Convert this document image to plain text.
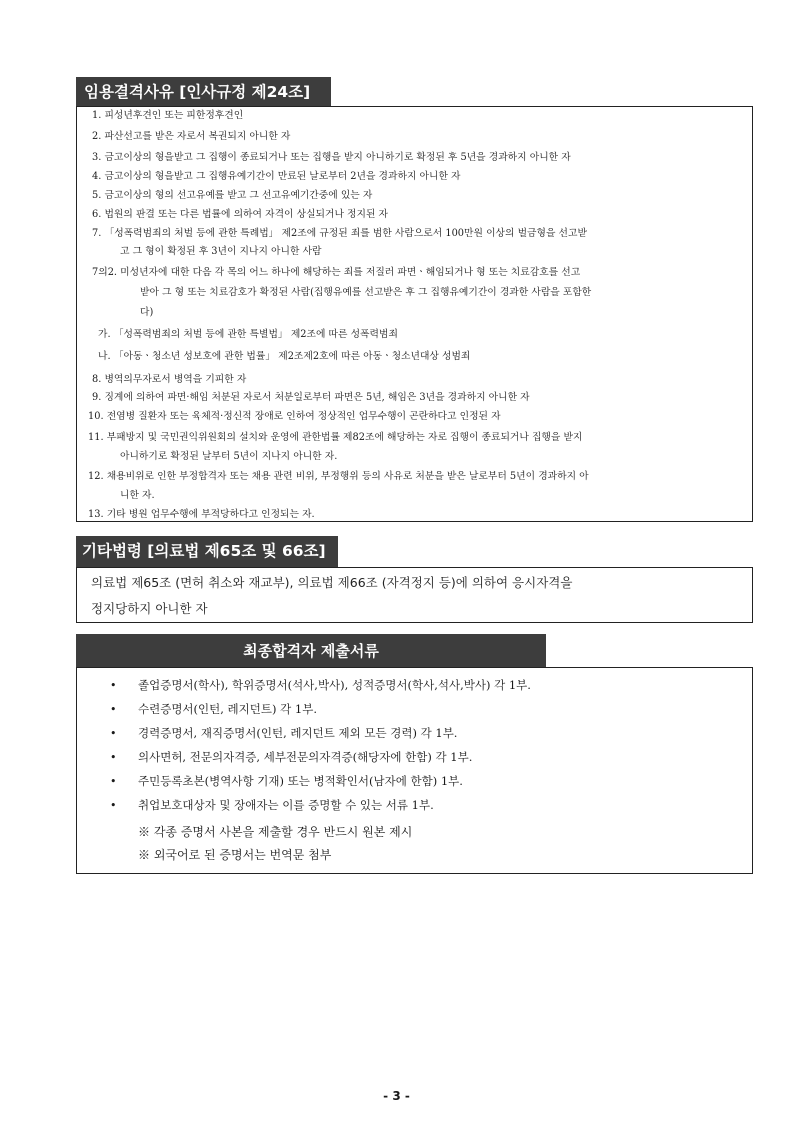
임용결격사유 [인사규정 제24조]
1. 피성년후견인 또는 피한정후견인
2. 파산선고를 받은 자로서 복권되지 아니한 자
3. 금고이상의 형을받고 그 집행이 종료되거나 또는 집행을 받지 아니하기로 확정된 후 5년을 경과하지 아니한 자
4. 금고이상의 형을받고 그 집행유예기간이 만료된 날로부터 2년을 경과하지 아니한 자
5. 금고이상의 형의 선고유예를 받고 그 선고유예기간중에 있는 자
6. 법원의 판결 또는 다른 법률에 의하여 자격이 상실되거나 정지된 자
7. 「성폭력범죄의 처벌 등에 관한 특례법」 제2조에 규정된 죄를 범한 사람으로서 100만원 이상의 벌금형을 선고받
고 그 형이 확정된 후 3년이 지나지 아니한 사람
7의2. 미성년자에 대한 다음 각 목의 어느 하나에 해당하는 죄를 저질러 파면ㆍ해임되거나 형 또는 치료감호를 선고
받아 그 형 또는 치료감호가 확정된 사람(집행유예를 선고받은 후 그 집행유예기간이 경과한 사람을 포함한
다)
가. 「성폭력범죄의 처벌 등에 관한 특별법」 제2조에 따른 성폭력범죄
나. 「아동ㆍ청소년 성보호에 관한 법률」 제2조제2호에 따른 아동ㆍ청소년대상 성범죄
8. 병역의무자로서 병역을 기피한 자
9. 징계에 의하여 파면·해임 처분된 자로서 처분일로부터 파면은 5년, 해임은 3년을 경과하지 아니한 자
10. 전염병 질환자 또는 육체적·정신적 장애로 인하여 정상적인 업무수행이 곤란하다고 인정된 자
11. 부패방지 및 국민권익위원회의 설치와 운영에 관한법률 제82조에 해당하는 자로 집행이 종료되거나 집행을 받지
아니하기로 확정된 날부터 5년이 지나지 아니한 자.
12. 채용비위로 인한 부정합격자 또는 채용 관련 비위, 부정행위 등의 사유로 처분을 받은 날로부터 5년이 경과하지 아
니한 자.
13. 기타 병원 업무수행에 부적당하다고 인정되는 자.
기타법령 [의료법 제65조 및 66조]
의료법 제65조 (면허 취소와 재교부), 의료법 제66조 (자격정지 등)에 의하여 응시자격을
정지당하지 아니한 자
최종합격자 제출서류
• 졸업증명서(학사), 학위증명서(석사,박사), 성적증명서(학사,석사,박사) 각 1부.
• 수련증명서(인턴, 레지던트) 각 1부.
• 경력증명서, 재직증명서(인턴, 레지던트 제외 모든 경력) 각 1부.
• 의사면허, 전문의자격증, 세부전문의자격증(해당자에 한함) 각 1부.
• 주민등록초본(병역사항 기재) 또는 병적확인서(남자에 한함) 1부.
• 취업보호대상자 및 장애자는 이를 증명할 수 있는 서류 1부.
※ 각종 증명서 사본을 제출할 경우 반드시 원본 제시
※ 외국어로 된 증명서는 번역문 첨부
- 3 -
